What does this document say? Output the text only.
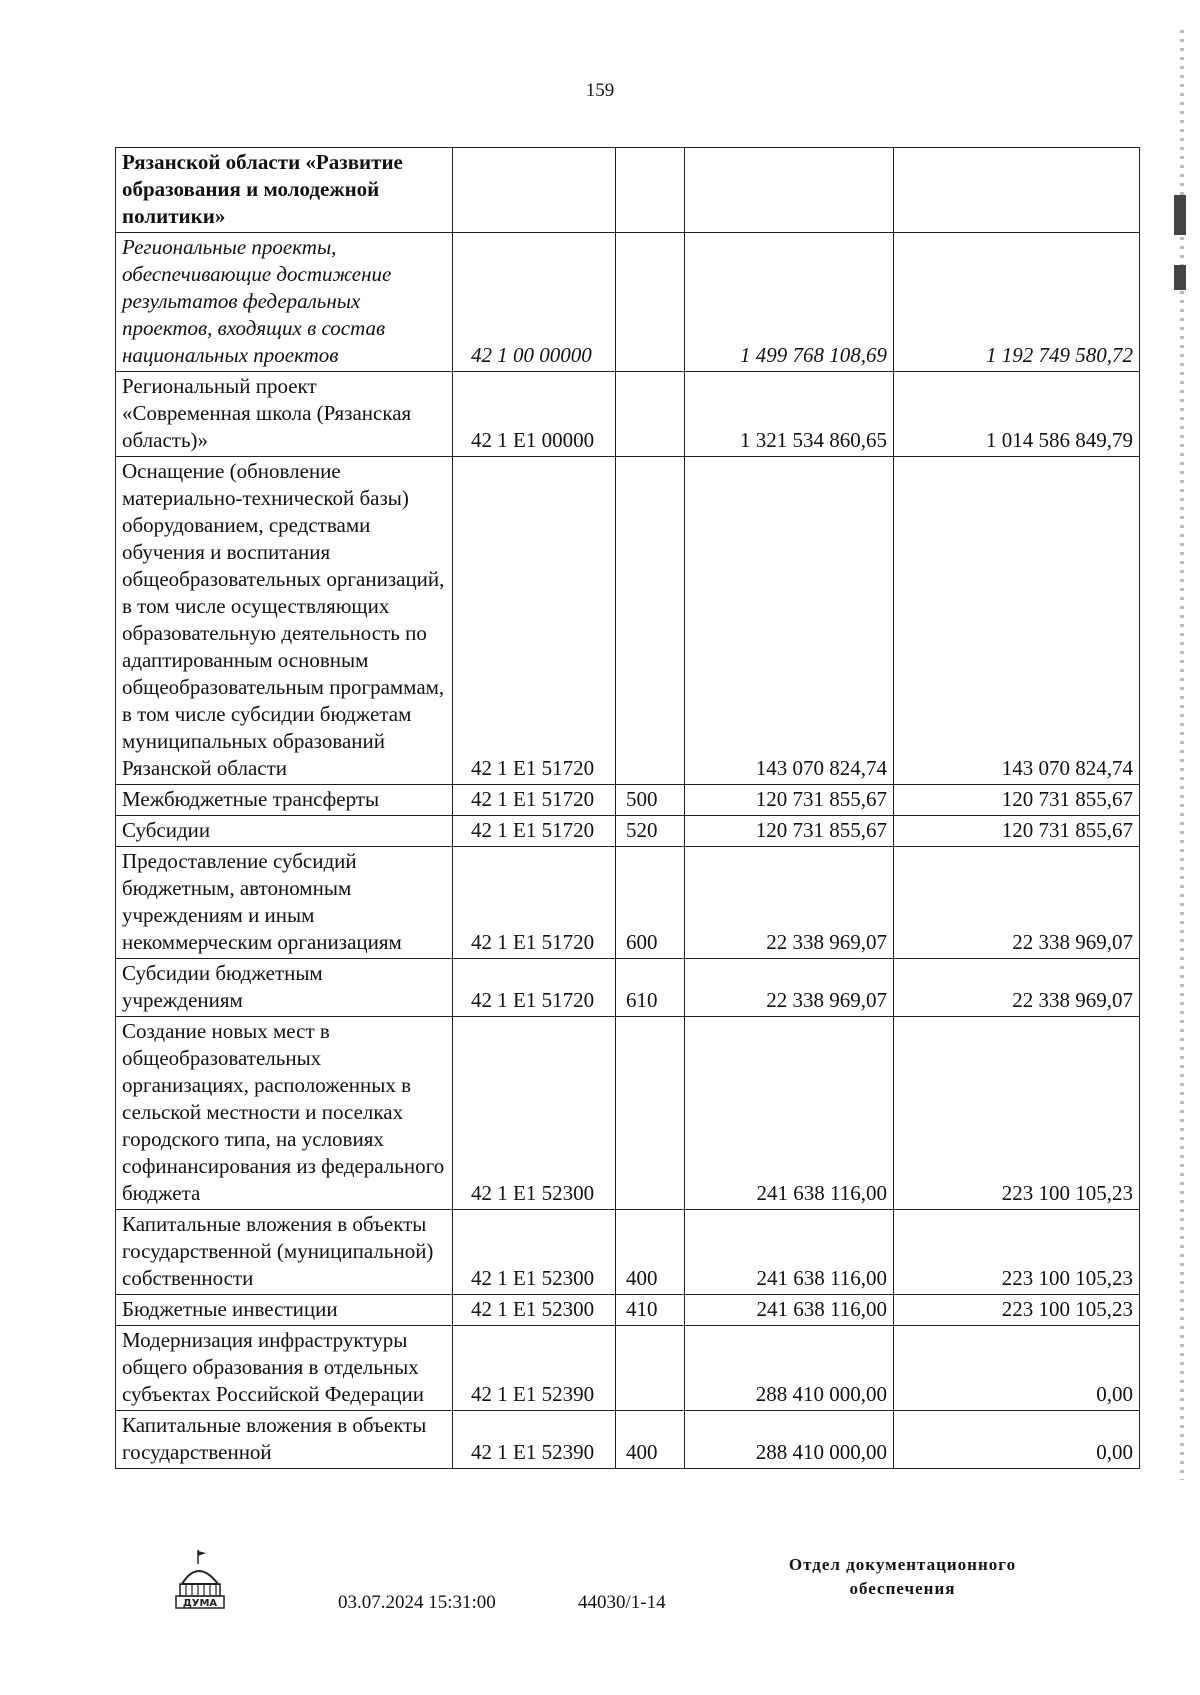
159
Рязанской области «Развитие образования и молодежной политики»				
Региональные проекты, обеспечивающие достижение результатов федеральных проектов, входящих в состав национальных проектов	42 1 00 00000		1 499 768 108,69	1 192 749 580,72
Региональный проект «Современная школа (Рязанская область)»	42 1 E1 00000		1 321 534 860,65	1 014 586 849,79
Оснащение (обновление материально-технической базы) оборудованием, средствами обучения и воспитания общеобразовательных организаций, в том числе осуществляющих образовательную деятельность по адаптированным основным общеобразовательным программам, в том числе субсидии бюджетам муниципальных образований Рязанской области	42 1 E1 51720		143 070 824,74	143 070 824,74
Межбюджетные трансферты	42 1 E1 51720	500	120 731 855,67	120 731 855,67
Субсидии	42 1 E1 51720	520	120 731 855,67	120 731 855,67
Предоставление субсидий бюджетным, автономным учреждениям и иным некоммерческим организациям	42 1 E1 51720	600	22 338 969,07	22 338 969,07
Субсидии бюджетным учреждениям	42 1 E1 51720	610	22 338 969,07	22 338 969,07
Создание новых мест в общеобразовательных организациях, расположенных в сельской местности и поселках городского типа, на условиях софинансирования из федерального бюджета	42 1 E1 52300		241 638 116,00	223 100 105,23
Капитальные вложения в объекты государственной (муниципальной) собственности	42 1 E1 52300	400	241 638 116,00	223 100 105,23
Бюджетные инвестиции	42 1 E1 52300	410	241 638 116,00	223 100 105,23
Модернизация инфраструктуры общего образования в отдельных субъектах Российской Федерации	42 1 E1 52390		288 410 000,00	0,00
Капитальные вложения в объекты государственной	42 1 E1 52390	400	288 410 000,00	0,00
ДУМА	03.07.2024 15:31:00	44030/1-14
Отдел документационного обеспечения
